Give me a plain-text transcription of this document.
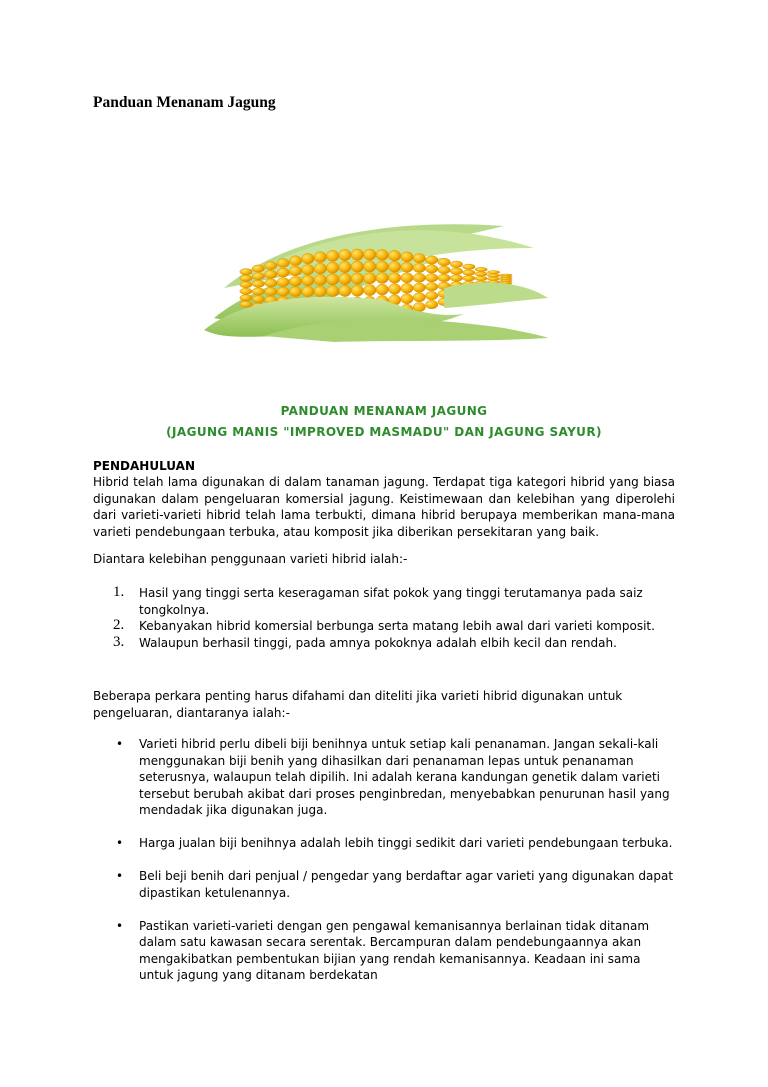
Panduan Menanam Jagung
PANDUAN MENANAM JAGUNG
(JAGUNG MANIS "IMPROVED MASMADU" DAN JAGUNG SAYUR)
PENDAHULUAN
Hibrid telah lama digunakan di dalam tanaman jagung. Terdapat tiga kategori hibrid yang biasa digunakan dalam pengeluaran komersial jagung. Keistimewaan dan kelebihan yang diperolehi dari varieti-varieti hibrid telah lama terbukti, dimana hibrid berupaya memberikan mana-mana varieti pendebungaan terbuka, atau komposit jika diberikan persekitaran yang baik.
Diantara kelebihan penggunaan varieti hibrid ialah:-
1. Hasil yang tinggi serta keseragaman sifat pokok yang tinggi terutamanya pada saiz tongkolnya.
2. Kebanyakan hibrid komersial berbunga serta matang lebih awal dari varieti komposit.
3. Walaupun berhasil tinggi, pada amnya pokoknya adalah elbih kecil dan rendah.
Beberapa perkara penting harus difahami dan diteliti jika varieti hibrid digunakan untuk pengeluaran, diantaranya ialah:-
• Varieti hibrid perlu dibeli biji benihnya untuk setiap kali penanaman. Jangan sekali-kali menggunakan biji benih yang dihasilkan dari penanaman lepas untuk penanaman seterusnya, walaupun telah dipilih. Ini adalah kerana kandungan genetik dalam varieti tersebut berubah akibat dari proses penginbredan, menyebabkan penurunan hasil yang mendadak jika digunakan juga.
• Harga jualan biji benihnya adalah lebih tinggi sedikit dari varieti pendebungaan terbuka.
• Beli beji benih dari penjual / pengedar yang berdaftar agar varieti yang digunakan dapat dipastikan ketulenannya.
• Pastikan varieti-varieti dengan gen pengawal kemanisannya berlainan tidak ditanam dalam satu kawasan secara serentak. Bercampuran dalam pendebungaannya akan mengakibatkan pembentukan bijian yang rendah kemanisannya. Keadaan ini sama untuk jagung yang ditanam berdekatan
